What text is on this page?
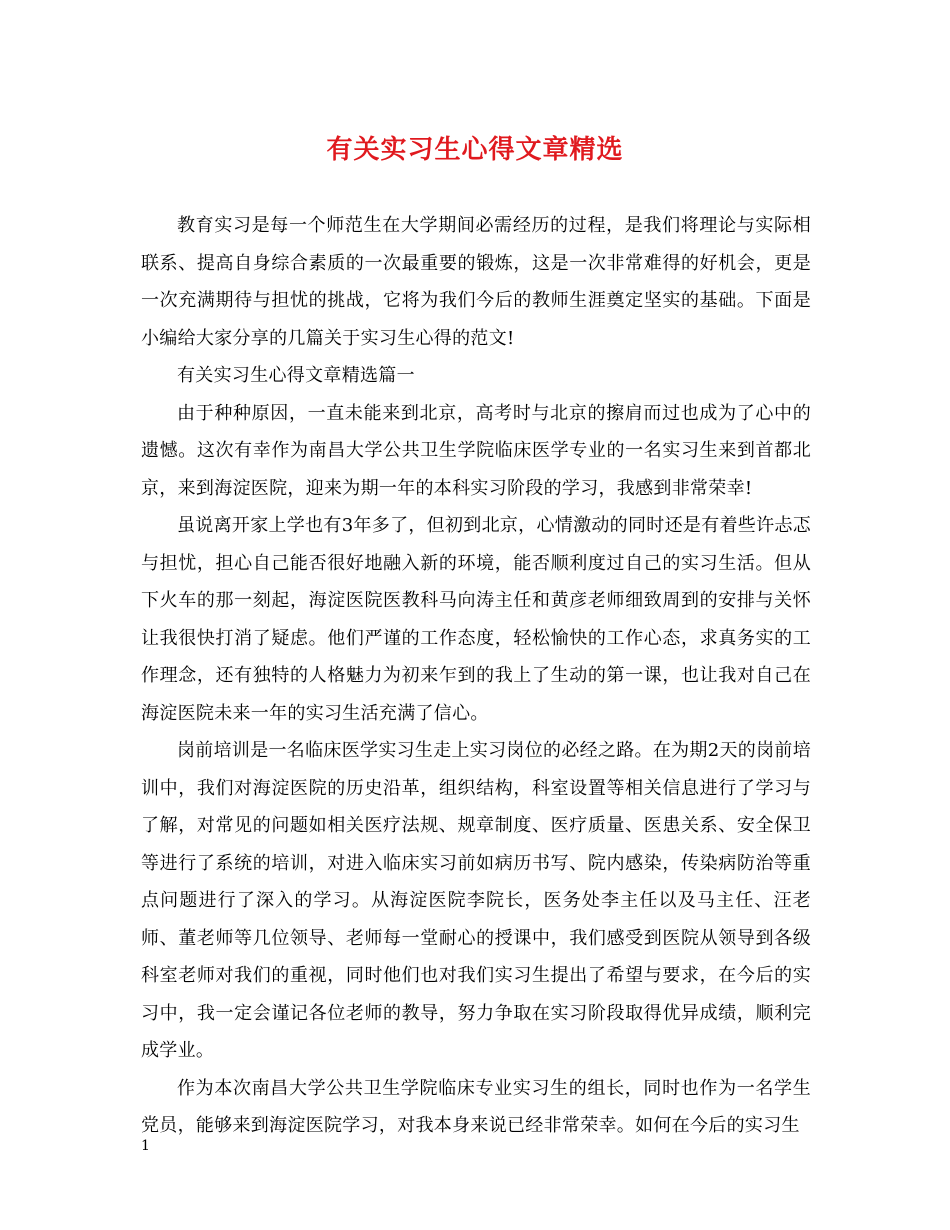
有关实习生心得文章精选

教育实习是每一个师范生在大学期间必需经历的过程，是我们将理论与实际相联系、提高自身综合素质的一次最重要的锻炼，这是一次非常难得的好机会，更是一次充满期待与担忧的挑战，它将为我们今后的教师生涯奠定坚实的基础。下面是小编给大家分享的几篇关于实习生心得的范文!

有关实习生心得文章精选篇一

由于种种原因，一直未能来到北京，高考时与北京的擦肩而过也成为了心中的遗憾。这次有幸作为南昌大学公共卫生学院临床医学专业的一名实习生来到首都北京，来到海淀医院，迎来为期一年的本科实习阶段的学习，我感到非常荣幸!

虽说离开家上学也有3年多了，但初到北京，心情激动的同时还是有着些许忐忑与担忧，担心自己能否很好地融入新的环境，能否顺利度过自己的实习生活。但从下火车的那一刻起，海淀医院医教科马向涛主任和黄彦老师细致周到的安排与关怀让我很快打消了疑虑。他们严谨的工作态度，轻松愉快的工作心态，求真务实的工作理念，还有独特的人格魅力为初来乍到的我上了生动的第一课，也让我对自己在海淀医院未来一年的实习生活充满了信心。

岗前培训是一名临床医学实习生走上实习岗位的必经之路。在为期2天的岗前培训中，我们对海淀医院的历史沿革，组织结构，科室设置等相关信息进行了学习与了解，对常见的问题如相关医疗法规、规章制度、医疗质量、医患关系、安全保卫等进行了系统的培训，对进入临床实习前如病历书写、院内感染，传染病防治等重点问题进行了深入的学习。从海淀医院李院长，医务处李主任以及马主任、汪老师、董老师等几位领导、老师每一堂耐心的授课中，我们感受到医院从领导到各级科室老师对我们的重视，同时他们也对我们实习生提出了希望与要求，在今后的实习中，我一定会谨记各位老师的教导，努力争取在实习阶段取得优异成绩，顺利完成学业。

作为本次南昌大学公共卫生学院临床专业实习生的组长，同时也作为一名学生党员，能够来到海淀医院学习，对我本身来说已经非常荣幸。如何在今后的实习生

1
